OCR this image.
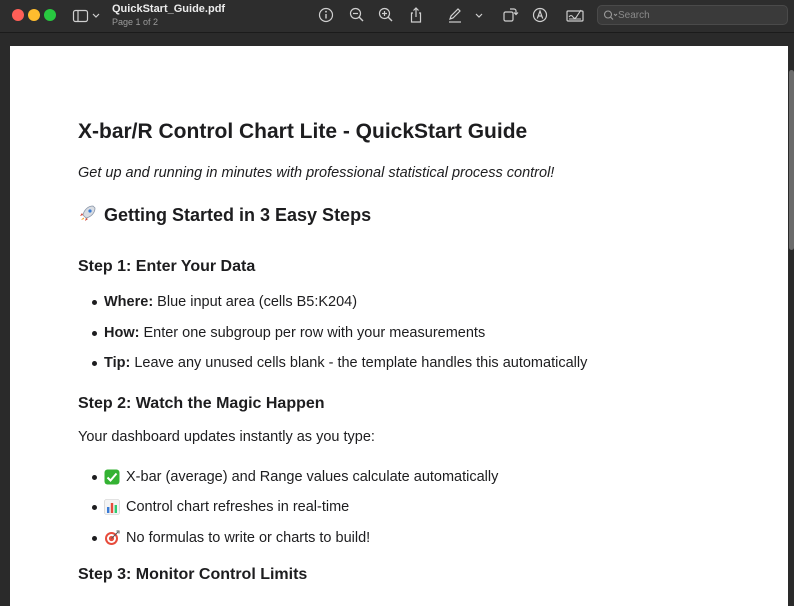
QuickStart_Guide.pdf
Page 1 of 2
Search
X-bar/R Control Chart Lite - QuickStart Guide
Get up and running in minutes with professional statistical process control!
Getting Started in 3 Easy Steps
Step 1: Enter Your Data
Where: Blue input area (cells B5:K204)
How: Enter one subgroup per row with your measurements
Tip: Leave any unused cells blank - the template handles this automatically
Step 2: Watch the Magic Happen
Your dashboard updates instantly as you type:
X-bar (average) and Range values calculate automatically
Control chart refreshes in real-time
No formulas to write or charts to build!
Step 3: Monitor Control Limits
